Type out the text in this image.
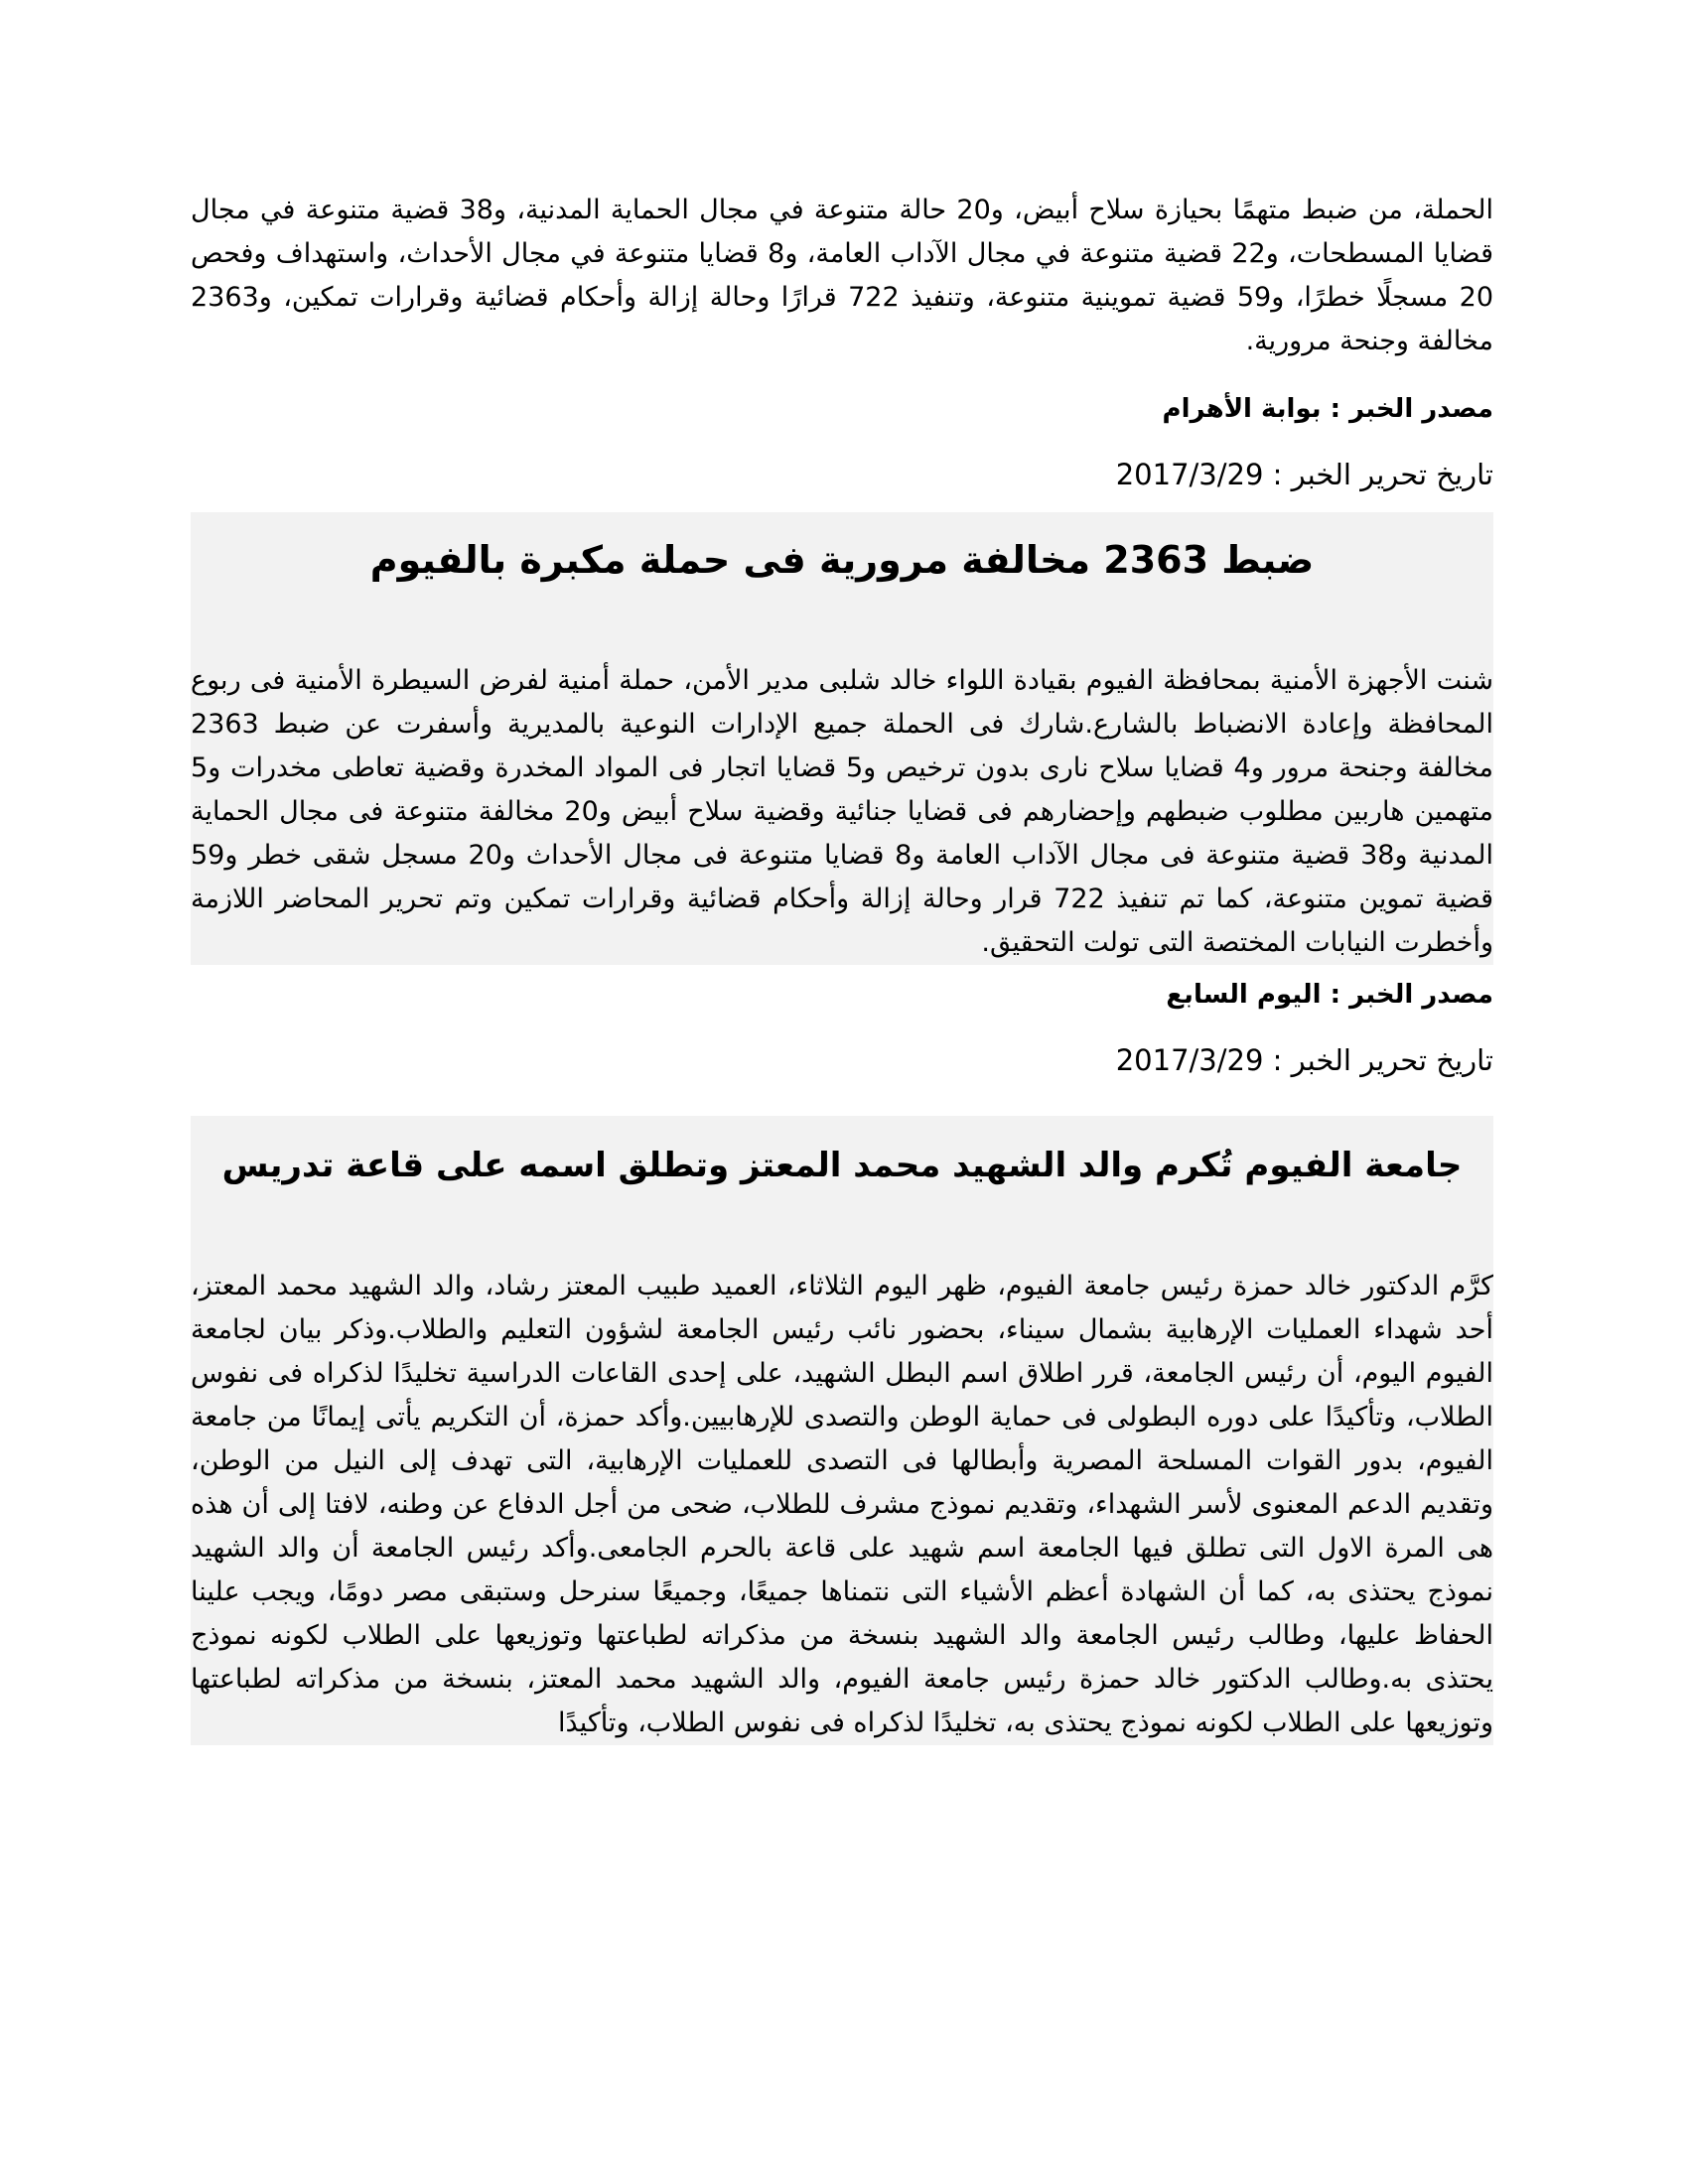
الحملة، من ضبط متهمًا بحيازة سلاح أبيض، و20 حالة متنوعة في مجال الحماية المدنية، و38 قضية متنوعة في مجال قضايا المسطحات، و22 قضية متنوعة في مجال الآداب العامة، و8 قضايا متنوعة في مجال الأحداث، واستهداف وفحص 20 مسجلًا خطرًا، و59 قضية تموينية متنوعة، وتنفيذ 722 قرارًا وحالة إزالة وأحكام قضائية وقرارات تمكين، و2363 مخالفة وجنحة مرورية.

مصدر الخبر : بوابة الأهرام

تاريخ تحرير الخبر : 2017/3/29

ضبط 2363 مخالفة مرورية فى حملة مكبرة بالفيوم

شنت الأجهزة الأمنية بمحافظة الفيوم بقيادة اللواء خالد شلبى مدير الأمن، حملة أمنية لفرض السيطرة الأمنية فى ربوع المحافظة وإعادة الانضباط بالشارع.شارك فى الحملة جميع الإدارات النوعية بالمديرية وأسفرت عن ضبط 2363 مخالفة وجنحة مرور و4 قضايا سلاح نارى بدون ترخيص و5 قضايا اتجار فى المواد المخدرة وقضية تعاطى مخدرات و5 متهمين هاربين مطلوب ضبطهم وإحضارهم فى قضايا جنائية وقضية سلاح أبيض و20 مخالفة متنوعة فى مجال الحماية المدنية و38 قضية متنوعة فى مجال الآداب العامة و8 قضايا متنوعة فى مجال الأحداث و20 مسجل شقى خطر و59 قضية تموين متنوعة، كما تم تنفيذ 722 قرار وحالة إزالة وأحكام قضائية وقرارات تمكين وتم تحرير المحاضر اللازمة وأخطرت النيابات المختصة التى تولت التحقيق.

مصدر الخبر : اليوم السابع

تاريخ تحرير الخبر : 2017/3/29

جامعة الفيوم تُكرم والد الشهيد محمد المعتز وتطلق اسمه على قاعة تدريس

كرَّم الدكتور خالد حمزة رئيس جامعة الفيوم، ظهر اليوم الثلاثاء، العميد طبيب المعتز رشاد، والد الشهيد محمد المعتز، أحد شهداء العمليات الإرهابية بشمال سيناء، بحضور نائب رئيس الجامعة لشؤون التعليم والطلاب.وذكر بيان لجامعة الفيوم اليوم، أن رئيس الجامعة، قرر اطلاق اسم البطل الشهيد، على إحدى القاعات الدراسية تخليدًا لذكراه فى نفوس الطلاب، وتأكيدًا على دوره البطولى فى حماية الوطن والتصدى للإرهابيين.وأكد حمزة، أن التكريم يأتى إيمانًا من جامعة الفيوم، بدور القوات المسلحة المصرية وأبطالها فى التصدى للعمليات الإرهابية، التى تهدف إلى النيل من الوطن، وتقديم الدعم المعنوى لأسر الشهداء، وتقديم نموذج مشرف للطلاب، ضحى من أجل الدفاع عن وطنه، لافتا إلى أن هذه هى المرة الاول التى تطلق فيها الجامعة اسم شهيد على قاعة بالحرم الجامعى.وأكد رئيس الجامعة أن والد الشهيد نموذج يحتذى به، كما أن الشهادة أعظم الأشياء التى نتمناها جميعًا، وجميعًا سنرحل وستبقى مصر دومًا، ويجب علينا الحفاظ عليها، وطالب رئيس الجامعة والد الشهيد بنسخة من مذكراته لطباعتها وتوزيعها على الطلاب لكونه نموذج يحتذى به.وطالب الدكتور خالد حمزة رئيس جامعة الفيوم، والد الشهيد محمد المعتز، بنسخة من مذكراته لطباعتها وتوزيعها على الطلاب لكونه نموذج يحتذى به، تخليدًا لذكراه فى نفوس الطلاب، وتأكيدًا
